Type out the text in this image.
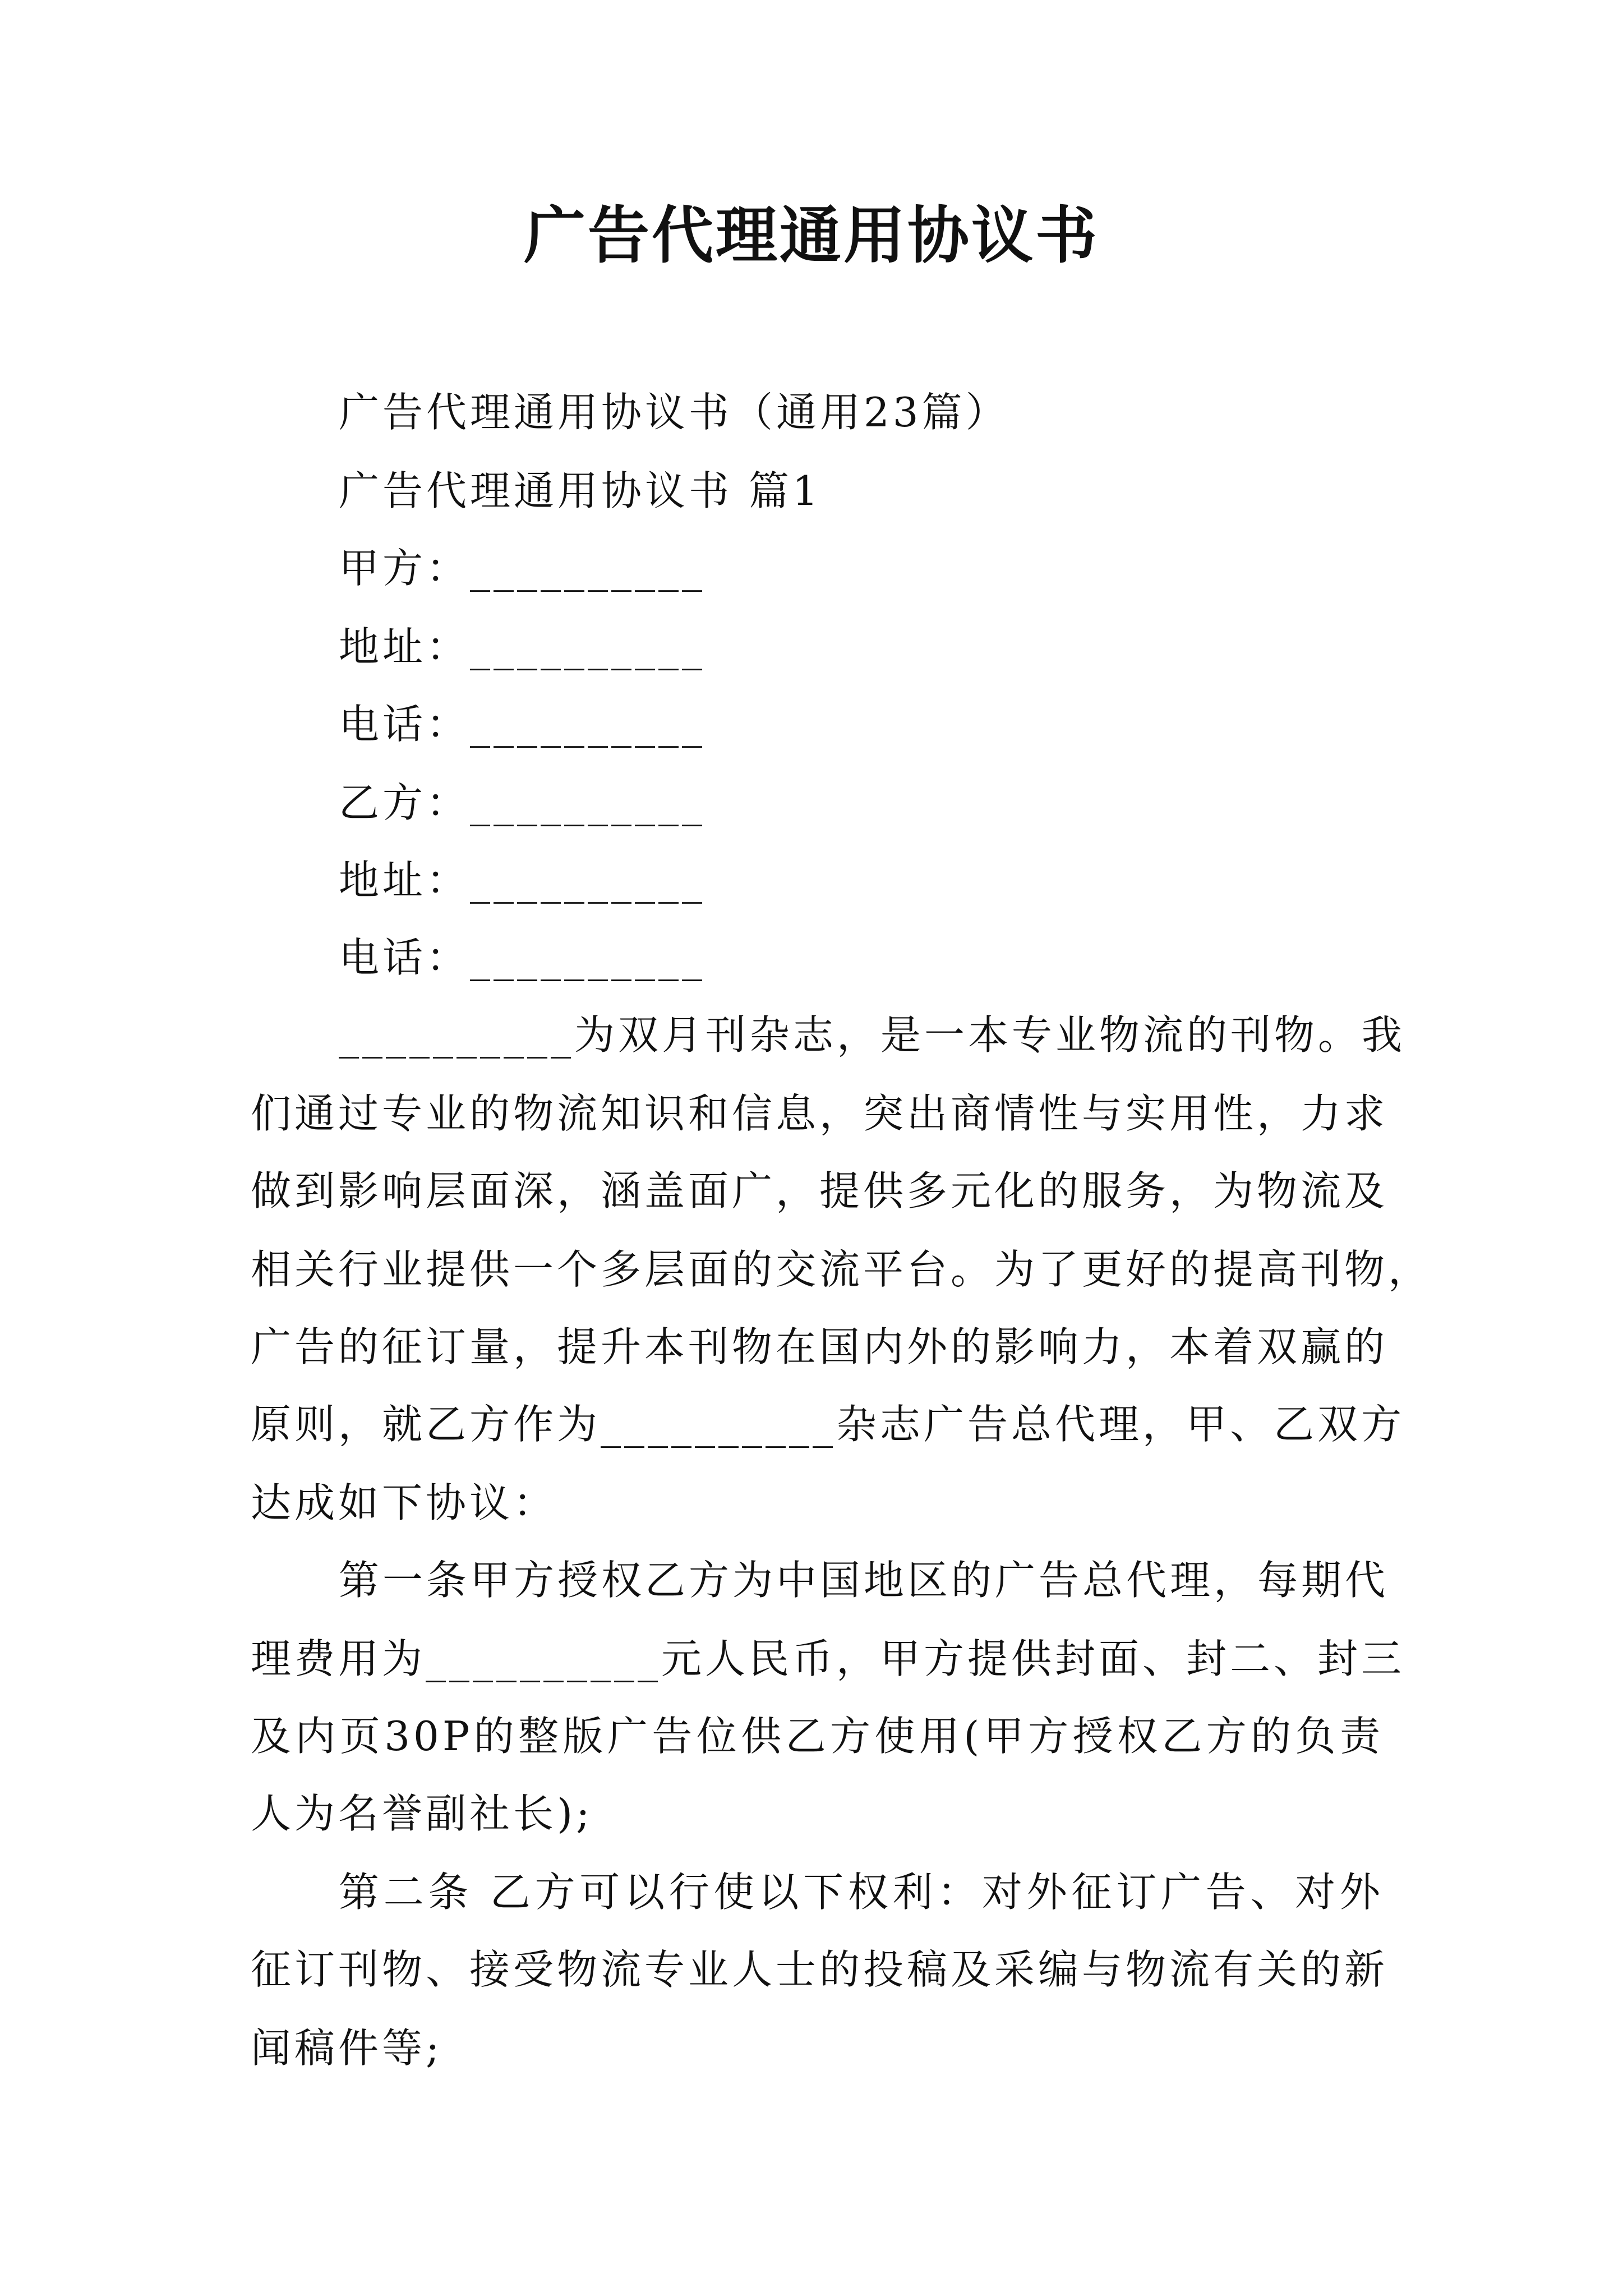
广告代理通用协议书
广告代理通用协议书（通用23篇）
广告代理通用协议书 篇1
甲方：__________
地址：__________
电话：__________
乙方：__________
地址：__________
电话：__________
__________为双月刊杂志，是一本专业物流的刊物。我
们通过专业的物流知识和信息，突出商情性与实用性，力求
做到影响层面深，涵盖面广，提供多元化的服务，为物流及
相关行业提供一个多层面的交流平台。为了更好的提高刊物，
广告的征订量，提升本刊物在国内外的影响力，本着双赢的
原则，就乙方作为__________杂志广告总代理，甲、乙双方
达成如下协议：
第一条甲方授权乙方为中国地区的广告总代理，每期代
理费用为__________元人民币，甲方提供封面、封二、封三
及内页30P的整版广告位供乙方使用(甲方授权乙方的负责
人为名誉副社长);
第二条 乙方可以行使以下权利：对外征订广告、对外
征订刊物、接受物流专业人士的投稿及采编与物流有关的新
闻稿件等;
